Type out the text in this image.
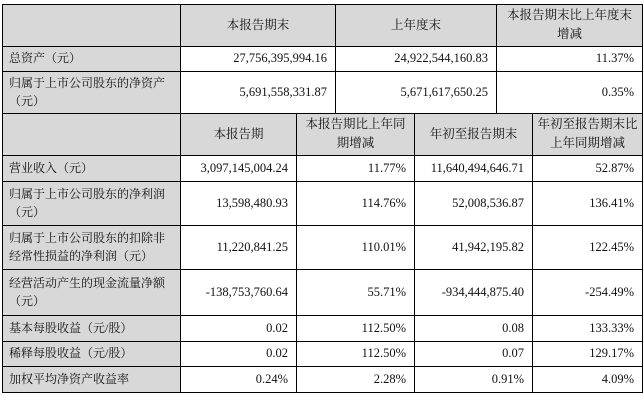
	本报告期末	上年度末	本报告期末比上年度末增减
总资产（元）	27,756,395,994.16	24,922,544,160.83	11.37%
归属于上市公司股东的净资产（元）	5,691,558,331.87	5,671,617,650.25	0.35%
	本报告期	本报告期比上年同期增减	年初至报告期末	年初至报告期末比上年同期增减
营业收入（元）	3,097,145,004.24	11.77%	11,640,494,646.71	52.87%
归属于上市公司股东的净利润（元）	13,598,480.93	114.76%	52,008,536.87	136.41%
归属于上市公司股东的扣除非经常性损益的净利润（元）	11,220,841.25	110.01%	41,942,195.82	122.45%
经营活动产生的现金流量净额（元）	-138,753,760.64	55.71%	-934,444,875.40	-254.49%
基本每股收益（元/股）	0.02	112.50%	0.08	133.33%
稀释每股收益（元/股）	0.02	112.50%	0.07	129.17%
加权平均净资产收益率	0.24%	2.28%	0.91%	4.09%
